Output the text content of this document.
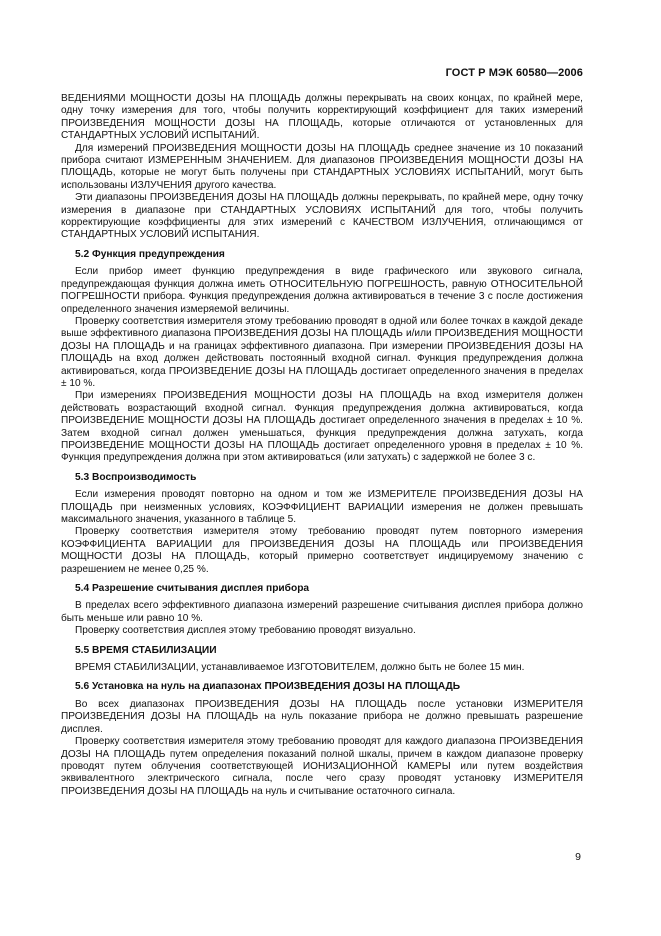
ГОСТ Р МЭК 60580—2006

ВЕДЕНИЯМИ МОЩНОСТИ ДОЗЫ НА ПЛОЩАДЬ должны перекрывать на своих концах, по крайней мере, одну точку измерения для того, чтобы получить корректирующий коэффициент для таких измерений ПРОИЗВЕДЕНИЯ МОЩНОСТИ ДОЗЫ НА ПЛОЩАДЬ, которые отличаются от установленных для СТАНДАРТНЫХ УСЛОВИЙ ИСПЫТАНИЙ.

Для измерений ПРОИЗВЕДЕНИЯ МОЩНОСТИ ДОЗЫ НА ПЛОЩАДЬ среднее значение из 10 показаний прибора считают ИЗМЕРЕННЫМ ЗНАЧЕНИЕМ. Для диапазонов ПРОИЗВЕДЕНИЯ МОЩНОСТИ ДОЗЫ НА ПЛОЩАДЬ, которые не могут быть получены при СТАНДАРТНЫХ УСЛОВИЯХ ИСПЫТАНИЙ, могут быть использованы ИЗЛУЧЕНИЯ другого качества.

Эти диапазоны ПРОИЗВЕДЕНИЯ ДОЗЫ НА ПЛОЩАДЬ должны перекрывать, по крайней мере, одну точку измерения в диапазоне при СТАНДАРТНЫХ УСЛОВИЯХ ИСПЫТАНИЙ для того, чтобы получить корректирующие коэффициенты для этих измерений с КАЧЕСТВОМ ИЗЛУЧЕНИЯ, отличающимся от СТАНДАРТНЫХ УСЛОВИЙ ИСПЫТАНИЯ.

5.2 Функция предупреждения

Если прибор имеет функцию предупреждения в виде графического или звукового сигнала, предупреждающая функция должна иметь ОТНОСИТЕЛЬНУЮ ПОГРЕШНОСТЬ, равную ОТНОСИТЕЛЬНОЙ ПОГРЕШНОСТИ прибора. Функция предупреждения должна активироваться в течение 3 с после достижения определенного значения измеряемой величины.

Проверку соответствия измерителя этому требованию проводят в одной или более точках в каждой декаде выше эффективного диапазона ПРОИЗВЕДЕНИЯ ДОЗЫ НА ПЛОЩАДЬ и/или ПРОИЗВЕДЕНИЯ МОЩНОСТИ ДОЗЫ НА ПЛОЩАДЬ и на границах эффективного диапазона. При измерении ПРОИЗВЕДЕНИЯ ДОЗЫ НА ПЛОЩАДЬ на вход должен действовать постоянный входной сигнал. Функция предупреждения должна активироваться, когда ПРОИЗВЕДЕНИЕ ДОЗЫ НА ПЛОЩАДЬ достигает определенного значения в пределах ± 10 %.

При измерениях ПРОИЗВЕДЕНИЯ МОЩНОСТИ ДОЗЫ НА ПЛОЩАДЬ на вход измерителя должен действовать возрастающий входной сигнал. Функция предупреждения должна активироваться, когда ПРОИЗВЕДЕНИЕ МОЩНОСТИ ДОЗЫ НА ПЛОЩАДЬ достигает определенного значения в пределах ± 10 %. Затем входной сигнал должен уменьшаться, функция предупреждения должна затухать, когда ПРОИЗВЕДЕНИЕ МОЩНОСТИ ДОЗЫ НА ПЛОЩАДЬ достигает определенного уровня в пределах ± 10 %. Функция предупреждения должна при этом активироваться (или затухать) с задержкой не более 3 с.

5.3 Воспроизводимость

Если измерения проводят повторно на одном и том же ИЗМЕРИТЕЛЕ ПРОИЗВЕДЕНИЯ ДОЗЫ НА ПЛОЩАДЬ при неизменных условиях, КОЭФФИЦИЕНТ ВАРИАЦИИ измерения не должен превышать максимального значения, указанного в таблице 5.

Проверку соответствия измерителя этому требованию проводят путем повторного измерения КОЭФФИЦИЕНТА ВАРИАЦИИ для ПРОИЗВЕДЕНИЯ ДОЗЫ НА ПЛОЩАДЬ или ПРОИЗВЕДЕНИЯ МОЩНОСТИ ДОЗЫ НА ПЛОЩАДЬ, который примерно соответствует индицируемому значению с разрешением не менее 0,25 %.

5.4 Разрешение считывания дисплея прибора

В пределах всего эффективного диапазона измерений разрешение считывания дисплея прибора должно быть меньше или равно 10 %.

Проверку соответствия дисплея этому требованию проводят визуально.

5.5 ВРЕМЯ СТАБИЛИЗАЦИИ

ВРЕМЯ СТАБИЛИЗАЦИИ, устанавливаемое ИЗГОТОВИТЕЛЕМ, должно быть не более 15 мин.

5.6 Установка на нуль на диапазонах ПРОИЗВЕДЕНИЯ ДОЗЫ НА ПЛОЩАДЬ

Во всех диапазонах ПРОИЗВЕДЕНИЯ ДОЗЫ НА ПЛОЩАДЬ после установки ИЗМЕРИТЕЛЯ ПРОИЗВЕДЕНИЯ ДОЗЫ НА ПЛОЩАДЬ на нуль показание прибора не должно превышать разрешение дисплея.

Проверку соответствия измерителя этому требованию проводят для каждого диапазона ПРОИЗВЕДЕНИЯ ДОЗЫ НА ПЛОЩАДЬ путем определения показаний полной шкалы, причем в каждом диапазоне проверку проводят путем облучения соответствующей ИОНИЗАЦИОННОЙ КАМЕРЫ или путем воздействия эквивалентного электрического сигнала, после чего сразу проводят установку ИЗМЕРИТЕЛЯ ПРОИЗВЕДЕНИЯ ДОЗЫ НА ПЛОЩАДЬ на нуль и считывание остаточного сигнала.

9
